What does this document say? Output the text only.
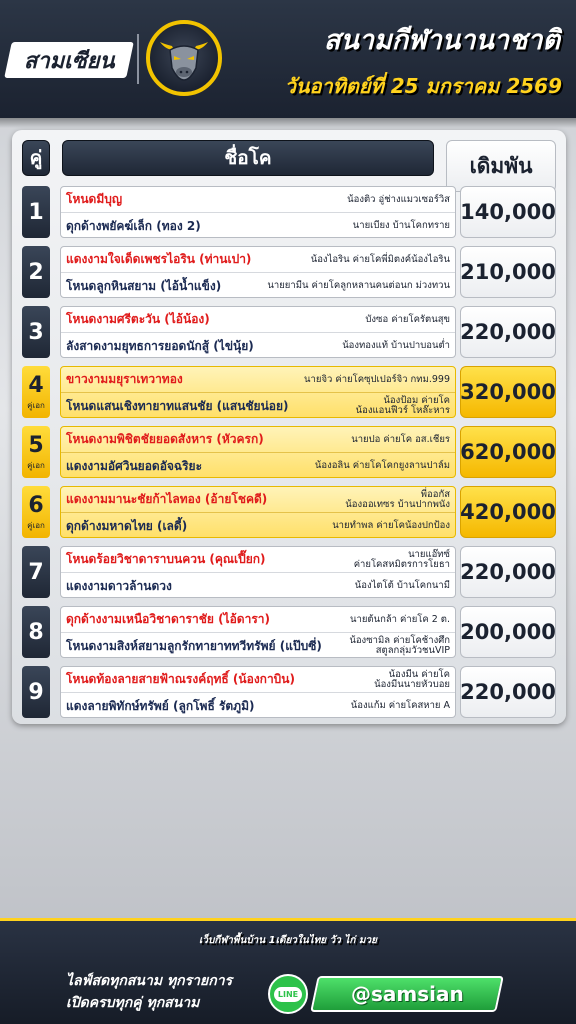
สามเซียน
สนามกีฬานานาชาติ
วันอาทิตย์ที่ 25 มกราคม 2569
คู่	ชื่อโค	เดิมพัน
1
โหนดมีบุญ	น้องติว อู่ช่างแมวเซอร์วิส
ดุกด้างพยัคฆ์เล็ก (ทอง 2)	นายเบียง บ้านโคกทราย
140,000
2
แดงงามใจเด็ดเพชรไอริน (ท่านเปา)	น้องไอริน ค่ายโคพี่มิตงค์น้องไอริน
โหนดลูกหินสยาม (ไอ้น้ำแข็ง)	นายยามีน ค่ายโคลูกหลานคนต่อนก ม่วงทวน
210,000
3
โหนดงามศรีตะวัน (ไอ้น้อง)	บังซอ ค่ายโครัตนสุข
ลังสาดงามยุทธการยอดนักสู้ (ไข่นุ้ย)	น้องทองแท้ บ้านปาบอนต่ำ
220,000
4
คู่เอก
ขาวงามมยุราเทวาทอง	นายจิว ค่ายโคซุปเปอร์จิว กทม.999
โหนดแสนเชิงทายาทแสนชัย (แสนชัยน่อย)	น้องป้อม ค่ายโค
น้องแอนฟีวร์ โหล๊ะหาร
320,000
5
คู่เอก
โหนดงามพิชิตชัยยอดสังหาร (หัวครก)	นายปอ ค่ายโค อส.เชียร
แดงงามอัศวินยอดอัจฉริยะ	น้องอลิน ค่ายโคโคกยูงลานปาล์ม
620,000
6
คู่เอก
แดงงามมานะชัยก้าไลทอง (อ้ายโชคดี)	พี่ออกัส
น้องออเทซร บ้านปากพนัง
ดุกด้างมหาดไทย (เลดี้)	นายทำพล ค่ายโคน้องปกป้อง
420,000
7
โหนดร้อยวิชาดาราบนควน (คุณเปี๊ยก)	นายแอ๊ทซ์
ค่ายโคสหมิตรการโยธา
แดงงามดาวล้านดวง	น้องไตโต้ บ้านโคกนามี
220,000
8
ดุกด้างงามเหนือวิชาดาราชัย (ไอ้ดารา)	นายต้นกล้า ค่ายโค 2 ต.
โหนดงามสิงห์สยามลูกรักทายาททวีทรัพย์ (แป๊บซี่)	น้องซามิล ค่ายโคช้างศึก
สตูลกลุ่มวัวชนVIP
200,000
9
โหนดท้องลายสายฟ้าณรงค์ฤทธิ์ (น้องกาบิน)	น้องมีน ค่ายโค
น้องมีนนายหัวบอย
แดงลายพิทักษ์ทรัพย์ (ลูกโพธิ์ รัตภูมิ)	น้องแก้ม ค่ายโคสหาย A
220,000
เว็บกีฬาพื้นบ้าน 1เดียวในไทย วัว ไก่ มวย
ไลฟ์สดทุกสนาม ทุกรายการ
เปิดครบทุกคู่ ทุกสนาม
LINE	@samsian
